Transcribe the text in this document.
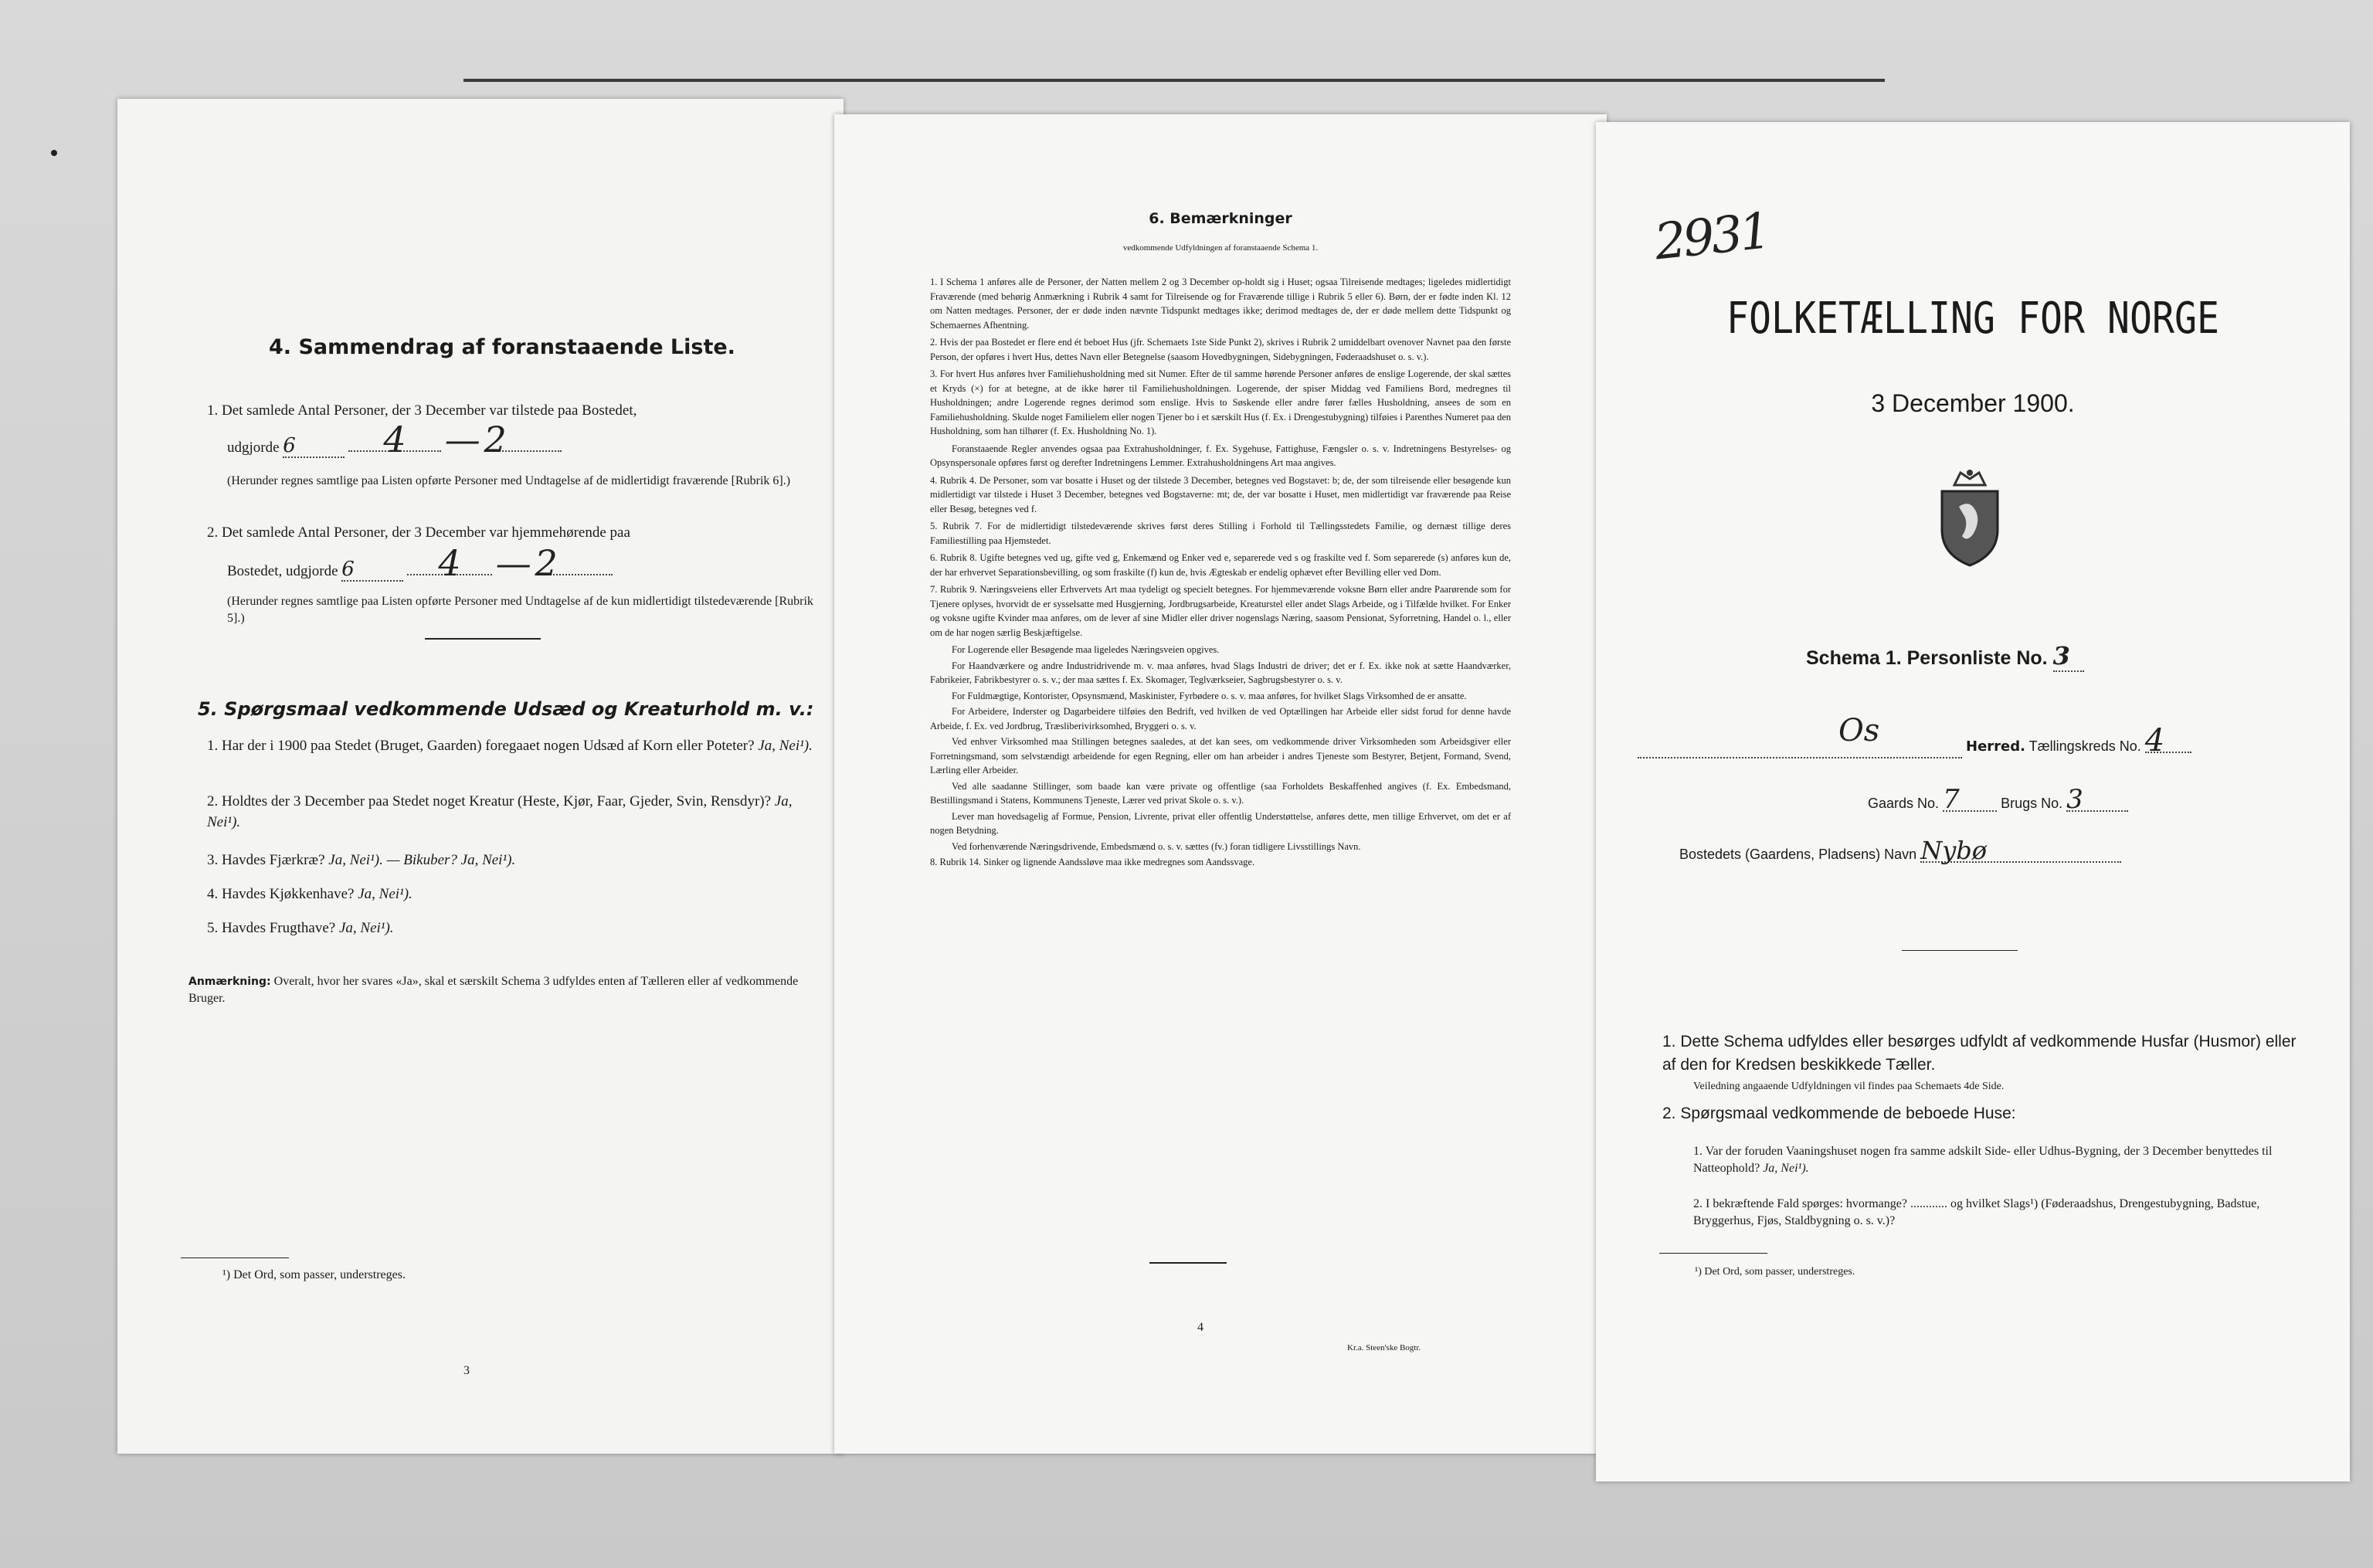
4. Sammendrag af foranstaaende Liste.
1. Det samlede Antal Personer, der 3 December var tilstede paa Bostedet,
udgjorde 6 4 — 2
(Herunder regnes samtlige paa Listen opførte Personer med Undtagelse af de midlertidigt fraværende [Rubrik 6].)
2. Det samlede Antal Personer, der 3 December var hjemmehørende paa
Bostedet, udgjorde 6 4 — 2
(Herunder regnes samtlige paa Listen opførte Personer med Undtagelse af de kun midlertidigt tilstedeværende [Rubrik 5].)
5. Spørgsmaal vedkommende Udsæd og Kreaturhold m. v.:
1. Har der i 1900 paa Stedet (Bruget, Gaarden) foregaaet nogen Udsæd af Korn eller Poteter? Ja, Nei¹).
2. Holdtes der 3 December paa Stedet noget Kreatur (Heste, Kjør, Faar, Gjeder, Svin, Rensdyr)? Ja, Nei¹).
3. Havdes Fjærkræ? Ja, Nei¹). — Bikuber? Ja, Nei¹).
4. Havdes Kjøkkenhave? Ja, Nei¹).
5. Havdes Frugthave? Ja, Nei¹).
Anmærkning: Overalt, hvor her svares «Ja», skal et særskilt Schema 3 udfyldes enten af Tælleren eller af vedkommende Bruger.
¹) Det Ord, som passer, understreges.
3
6. Bemærkninger
vedkommende Udfyldningen af foranstaaende Schema 1.

1. I Schema 1 anføres alle de Personer, der Natten mellem 2 og 3 December op-holdt sig i Huset; ogsaa Tilreisende medtages; ligeledes midlertidigt Fraværende (med behørig Anmærkning i Rubrik 4 samt for Tilreisende og for Fraværende tillige i Rubrik 5 eller 6). Børn, der er fødte inden Kl. 12 om Natten medtages. Personer, der er døde inden nævnte Tidspunkt medtages ikke; derimod medtages de, der er døde mellem dette Tidspunkt og Schemaernes Afhentning.

2. Hvis der paa Bostedet er flere end ét beboet Hus (jfr. Schemaets 1ste Side Punkt 2), skrives i Rubrik 2 umiddelbart ovenover Navnet paa den første Person, der opføres i hvert Hus, dettes Navn eller Betegnelse (saasom Hovedbygningen, Sidebygningen, Føderaadshuset o. s. v.).

3. For hvert Hus anføres hver Familiehusholdning med sit Numer. Efter de til samme hørende Personer anføres de enslige Logerende, der skal sættes et Kryds (×) for at betegne, at de ikke hører til Familiehusholdningen. Logerende, der spiser Middag ved Familiens Bord, medregnes til Husholdningen; andre Logerende regnes derimod som enslige. Hvis to Søskende eller andre fører fælles Husholdning, ansees de som en Familiehusholdning. Skulde noget Familielem eller nogen Tjener bo i et særskilt Hus (f. Ex. i Drengestubygning) tilføies i Parenthes Numeret paa den Husholdning, som han tilhører (f. Ex. Husholdning No. 1).

Foranstaaende Regler anvendes ogsaa paa Extrahusholdninger, f. Ex. Sygehuse, Fattighuse, Fængsler o. s. v. Indretningens Bestyrelses- og Opsynspersonale opføres først og derefter Indretningens Lemmer. Extrahusholdningens Art maa angives.

4. Rubrik 4. De Personer, som var bosatte i Huset og der tilstede 3 December, betegnes ved Bogstavet: b; de, der som tilreisende eller besøgende kun midlertidigt var tilstede i Huset 3 December, betegnes ved Bogstaverne: mt; de, der var bosatte i Huset, men midlertidigt var fraværende paa Reise eller Besøg, betegnes ved f.

5. Rubrik 7. For de midlertidigt tilstedeværende skrives først deres Stilling i Forhold til Tællingsstedets Familie, og dernæst tillige deres Familiestilling paa Hjemstedet.

6. Rubrik 8. Ugifte betegnes ved ug, gifte ved g, Enkemænd og Enker ved e, separerede ved s og fraskilte ved f. Som separerede (s) anføres kun de, der har erhvervet Separationsbevilling, og som fraskilte (f) kun de, hvis Ægteskab er endelig ophævet efter Bevilling eller ved Dom.

7. Rubrik 9. Næringsveiens eller Erhvervets Art maa tydeligt og specielt betegnes. For hjemmeværende voksne Børn eller andre Paarørende som for Tjenere oplyses, hvorvidt de er sysselsatte med Husgjerning, Jordbrugsarbeide, Kreaturstel eller andet Slags Arbeide, og i Tilfælde hvilket. For Enker og voksne ugifte Kvinder maa anføres, om de lever af sine Midler eller driver nogenslags Næring, saasom Pensionat, Syforretning, Handel o. l., eller om de har nogen særlig Beskjæftigelse.

For Logerende eller Besøgende maa ligeledes Næringsveien opgives.

For Haandværkere og andre Industridrivende m. v. maa anføres, hvad Slags Industri de driver; det er f. Ex. ikke nok at sætte Haandværker, Fabrikeier, Fabrikbestyrer o. s. v.; der maa sættes f. Ex. Skomager, Teglværkseier, Sagbrugsbestyrer o. s. v.

For Fuldmægtige, Kontorister, Opsynsmænd, Maskinister, Fyrbødere o. s. v. maa anføres, for hvilket Slags Virksomhed de er ansatte.

For Arbeidere, Inderster og Dagarbeidere tilføies den Bedrift, ved hvilken de ved Optællingen har Arbeide eller sidst forud for denne havde Arbeide, f. Ex. ved Jordbrug, Træsliberivirksomhed, Bryggeri o. s. v.

Ved enhver Virksomhed maa Stillingen betegnes saaledes, at det kan sees, om vedkommende driver Virksomheden som Arbeidsgiver eller Forretningsmand, som selvstændigt arbeidende for egen Regning, eller om han arbeider i andres Tjeneste som Bestyrer, Betjent, Formand, Svend, Lærling eller Arbeider.

Ved alle saadanne Stillinger, som baade kan være private og offentlige (saa Forholdets Beskaffenhed angives (f. Ex. Embedsmand, Bestillingsmand i Statens, Kommunens Tjeneste, Lærer ved privat Skole o. s. v.).

Lever man hovedsagelig af Formue, Pension, Livrente, privat eller offentlig Understøttelse, anføres dette, men tillige Erhvervet, om det er af nogen Betydning.

Ved forhenværende Næringsdrivende, Embedsmænd o. s. v. sættes (fv.) foran tidligere Livsstillings Navn.

8. Rubrik 14. Sinker og lignende Aandssløve maa ikke medregnes som Aandssvage.

4
Kr.a. Steen'ske Bogtr.
2931
FOLKETÆLLING FOR NORGE
3 December 1900.
Schema 1. Personliste No. 3
Os	Herred. Tællingskreds No. 4
Gaards No. 7	Brugs No. 3
Bostedets (Gaardens, Pladsens) Navn Nybø
1. Dette Schema udfyldes eller besørges udfyldt af vedkommende Husfar (Husmor) eller af den for Kredsen beskikkede Tæller.
Veiledning angaaende Udfyldningen vil findes paa Schemaets 4de Side.
2. Spørgsmaal vedkommende de beboede Huse:
1. Var der foruden Vaaningshuset nogen fra samme adskilt Side- eller Udhus-Bygning, der 3 December benyttedes til Natteophold? Ja, Nei¹).
2. I bekræftende Fald spørges: hvormange? ............ og hvilket Slags¹) (Føderaadshus, Drengestubygning, Badstue, Bryggerhus, Fjøs, Staldbygning o. s. v.)?
¹) Det Ord, som passer, understreges.
